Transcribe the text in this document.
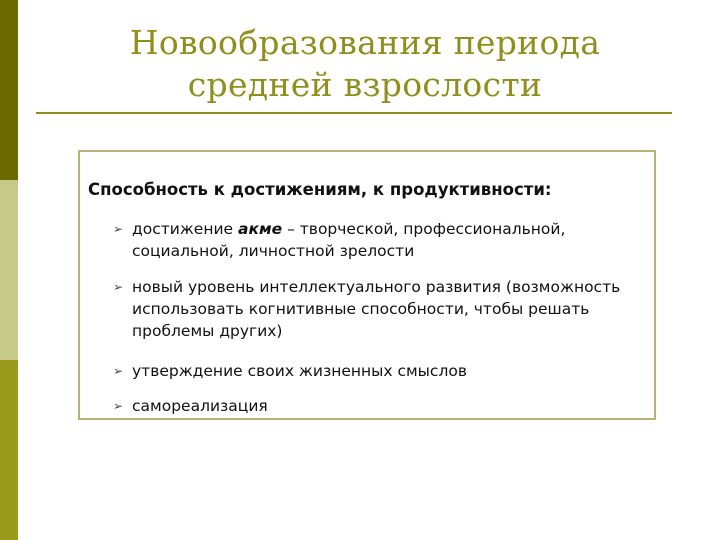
Новообразования периода
средней взрослости
Способность к достижениям, к продуктивности:
➢ достижение акме – творческой, профессиональной, социальной, личностной зрелости
➢ новый уровень интеллектуального развития (возможность использовать когнитивные способности, чтобы решать проблемы других)
➢ утверждение своих жизненных смыслов
➢ самореализация
